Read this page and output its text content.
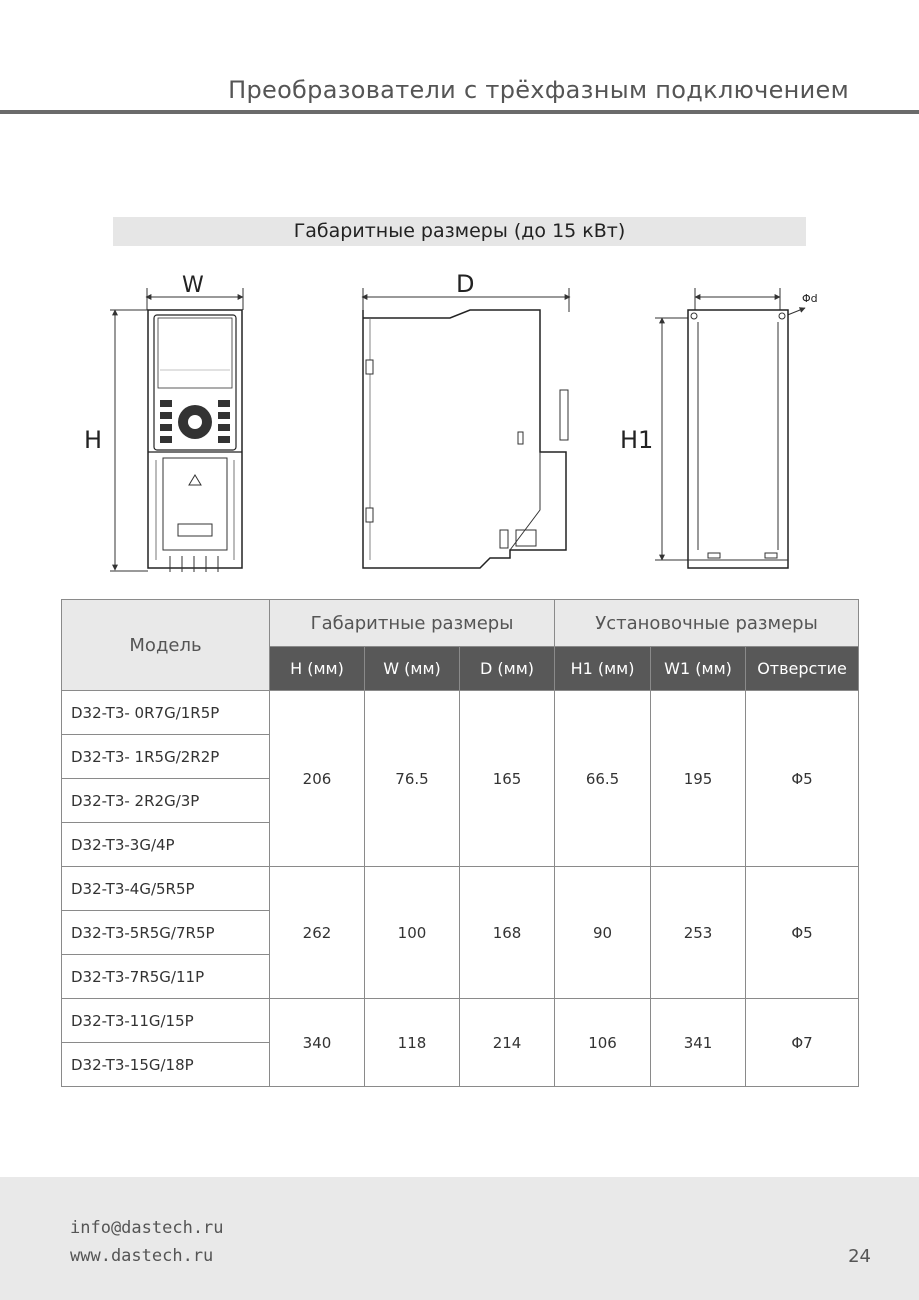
Преобразователи с трёхфазным подключением
Габаритные размеры (до 15 кВт)
W
H
D
Φd
H1
Модель	Габаритные размеры			Установочные размеры		
	H (мм)	W (мм)	D (мм)	H1 (мм)	W1 (мм)	Отверстие
D32-T3- 0R7G/1R5P	206	76.5	165	66.5	195	Φ5
D32-T3- 1R5G/2R2P						
D32-T3- 2R2G/3P						
D32-T3-3G/4P						
D32-T3-4G/5R5P	262	100	168	90	253	Φ5
D32-T3-5R5G/7R5P						
D32-T3-7R5G/11P						
D32-T3-11G/15P	340	118	214	106	341	Φ7
D32-T3-15G/18P						
info@dastech.ru
www.dastech.ru	24
